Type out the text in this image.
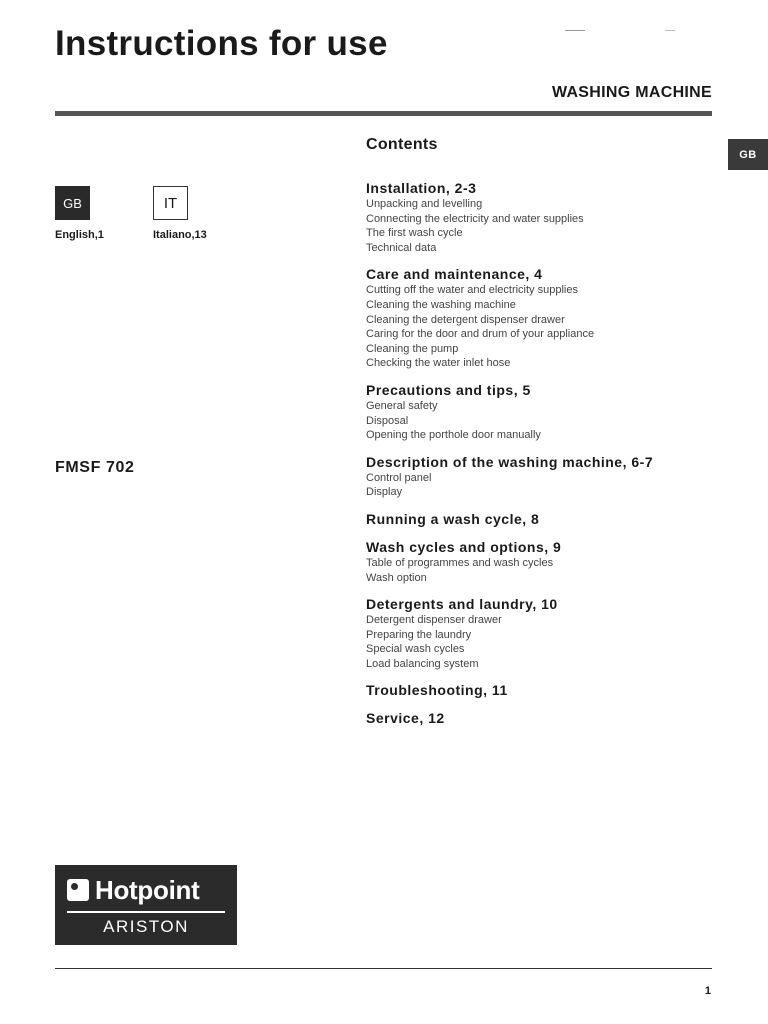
Instructions for use
WASHING MACHINE
GB
GB
English,1
IT
Italiano,13
FMSF 702
Contents
Installation, 2-3
Unpacking and levelling
Connecting the electricity and water supplies
The first wash cycle
Technical data
Care and maintenance, 4
Cutting off the water and electricity supplies
Cleaning the washing machine
Cleaning the detergent dispenser drawer
Caring for the door and drum of your appliance
Cleaning the pump
Checking the water inlet hose
Precautions and tips, 5
General safety
Disposal
Opening the porthole door manually
Description of the washing machine, 6-7
Control panel
Display
Running a wash cycle, 8
Wash cycles and options, 9
Table of programmes and wash cycles
Wash option
Detergents and laundry, 10
Detergent dispenser drawer
Preparing the laundry
Special wash cycles
Load balancing system
Troubleshooting, 11
Service, 12
Hotpoint
ARISTON
1
